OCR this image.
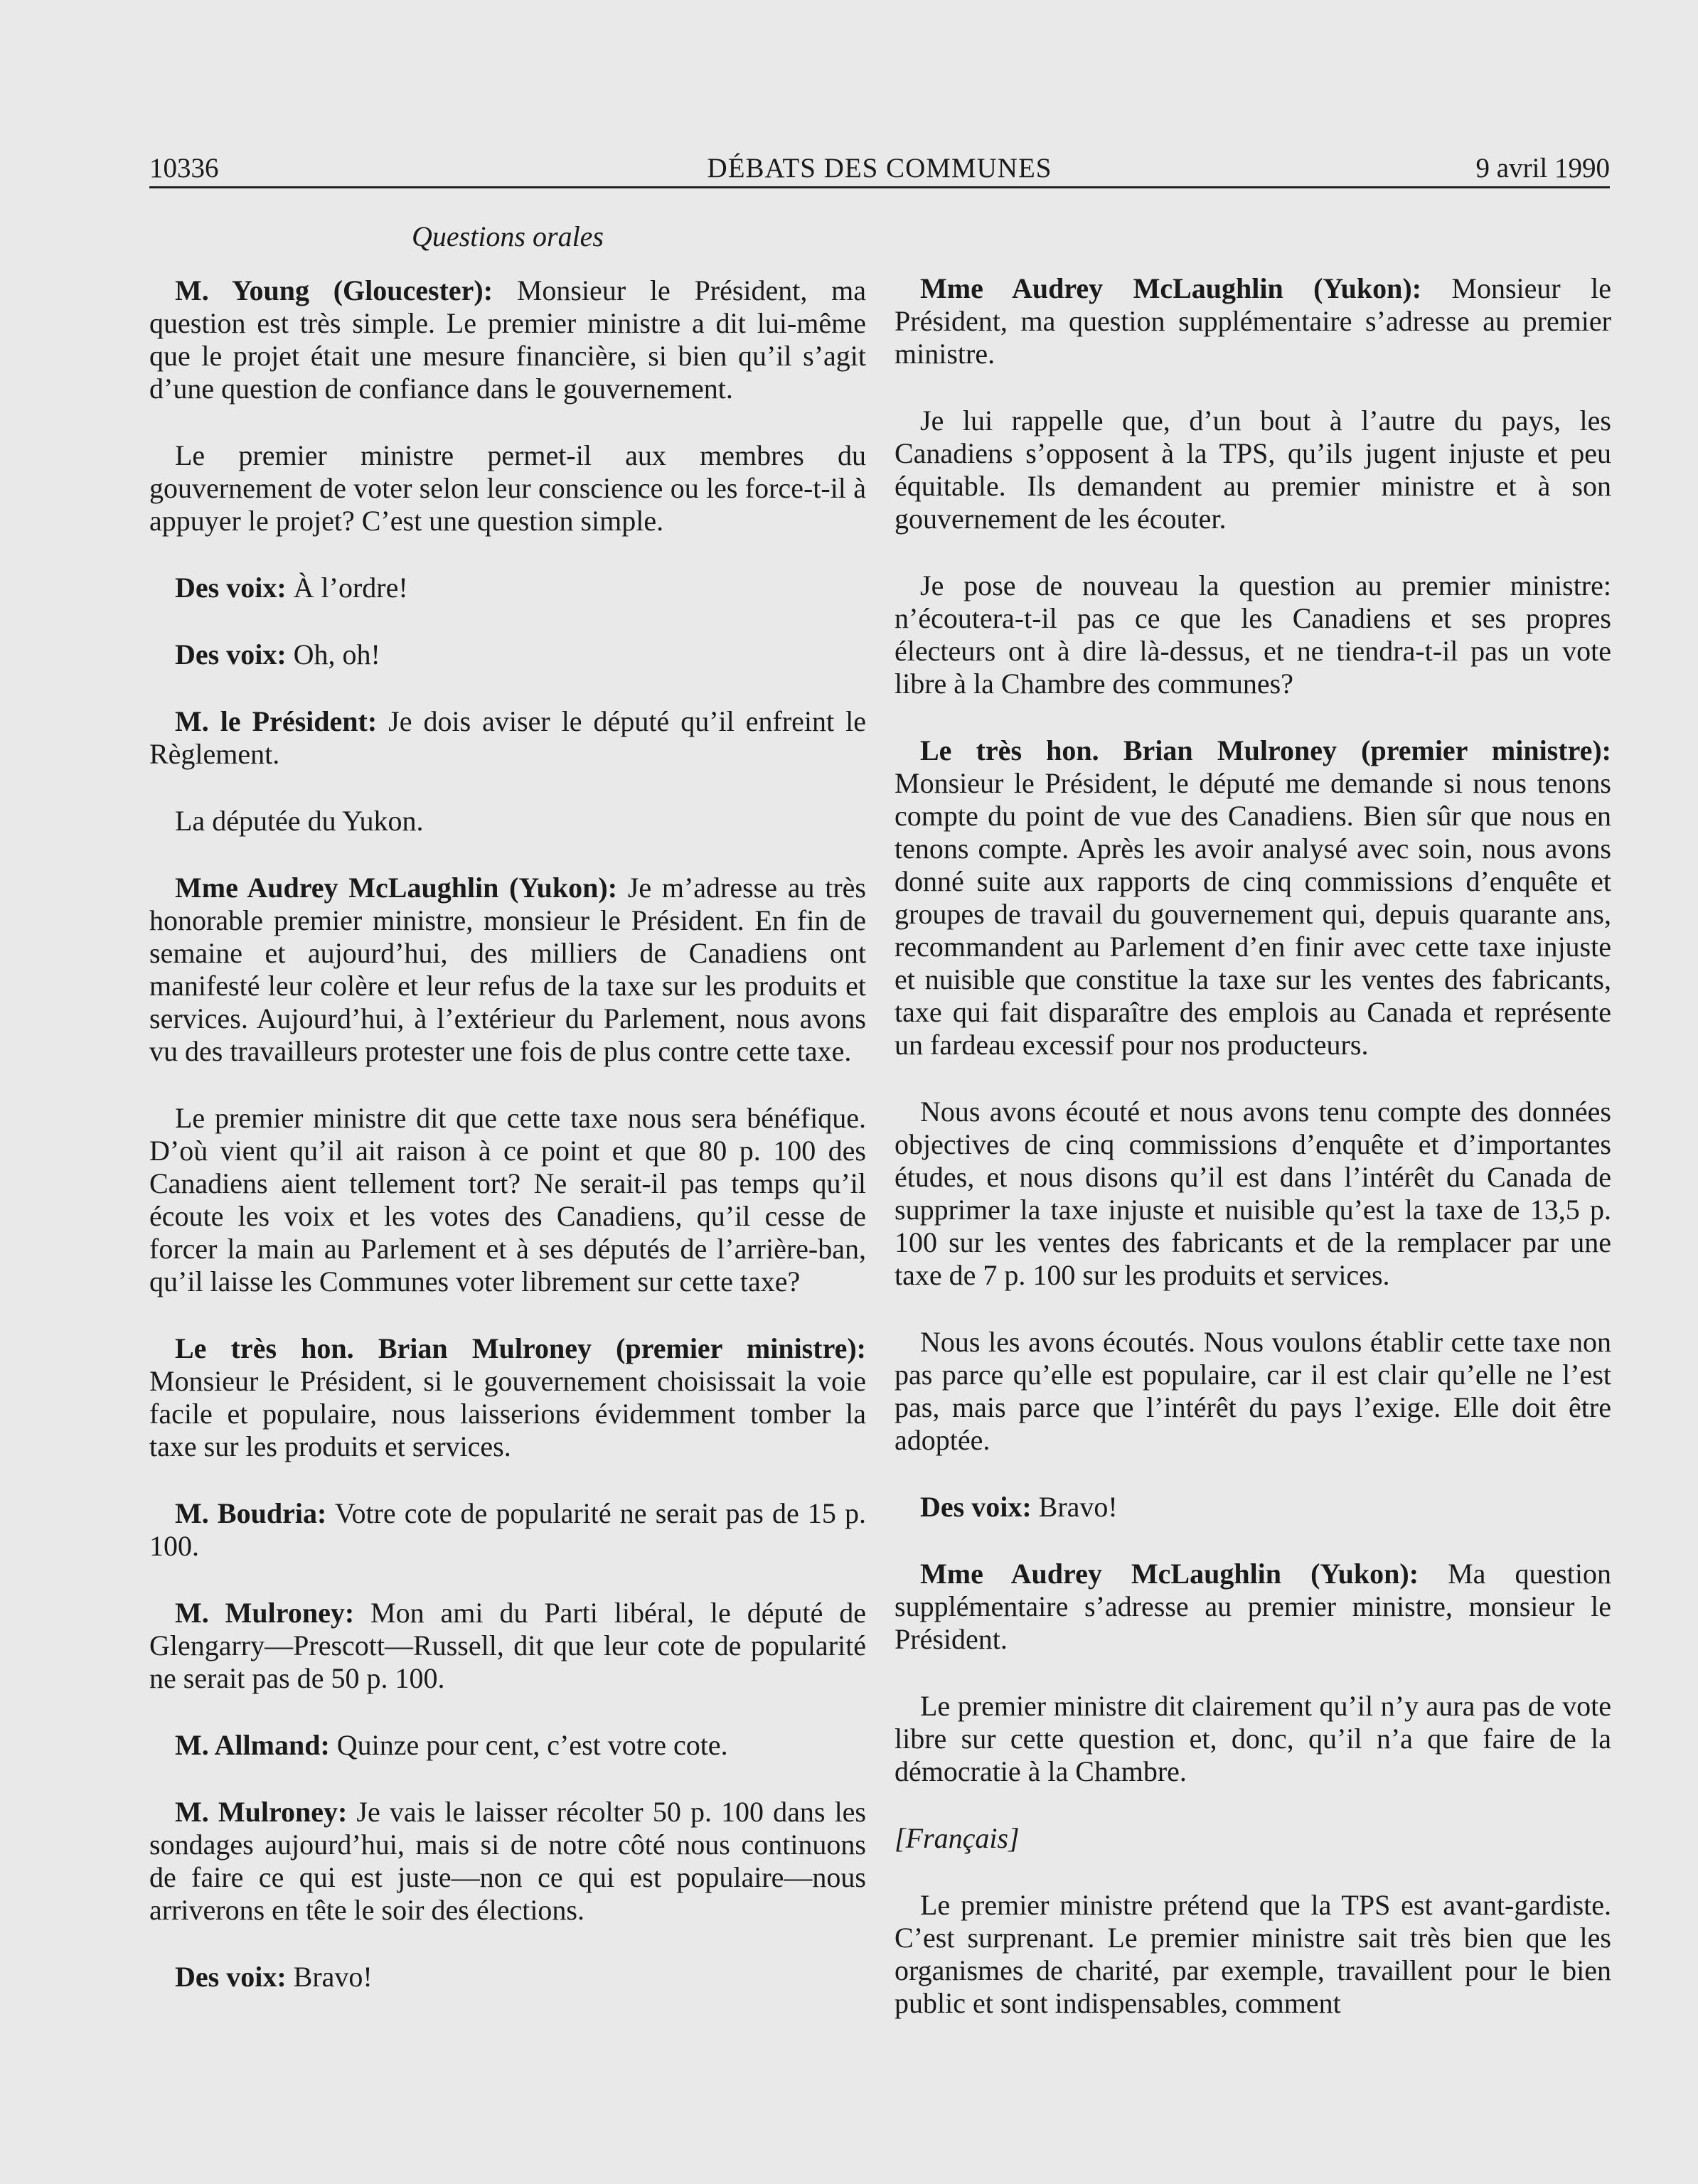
10336	DÉBATS DES COMMUNES	9 avril 1990
Questions orales

M. Young (Gloucester): Monsieur le Président, ma question est très simple. Le premier ministre a dit lui-même que le projet était une mesure financière, si bien qu’il s’agit d’une question de confiance dans le gouvernement.

Le premier ministre permet-il aux membres du gouvernement de voter selon leur conscience ou les force-t-il à appuyer le projet? C’est une question simple.

Des voix: À l’ordre!

Des voix: Oh, oh!

M. le Président: Je dois aviser le député qu’il enfreint le Règlement.

La députée du Yukon.

Mme Audrey McLaughlin (Yukon): Je m’adresse au très honorable premier ministre, monsieur le Président. En fin de semaine et aujourd’hui, des milliers de Canadiens ont manifesté leur colère et leur refus de la taxe sur les produits et services. Aujourd’hui, à l’extérieur du Parlement, nous avons vu des travailleurs protester une fois de plus contre cette taxe.

Le premier ministre dit que cette taxe nous sera bénéfique. D’où vient qu’il ait raison à ce point et que 80 p. 100 des Canadiens aient tellement tort? Ne serait-il pas temps qu’il écoute les voix et les votes des Canadiens, qu’il cesse de forcer la main au Parlement et à ses députés de l’arrière-ban, qu’il laisse les Communes voter librement sur cette taxe?

Le très hon. Brian Mulroney (premier ministre): Monsieur le Président, si le gouvernement choisissait la voie facile et populaire, nous laisserions évidemment tomber la taxe sur les produits et services.

M. Boudria: Votre cote de popularité ne serait pas de 15 p. 100.

M. Mulroney: Mon ami du Parti libéral, le député de Glengarry—Prescott—Russell, dit que leur cote de popularité ne serait pas de 50 p. 100.

M. Allmand: Quinze pour cent, c’est votre cote.

M. Mulroney: Je vais le laisser récolter 50 p. 100 dans les sondages aujourd’hui, mais si de notre côté nous continuons de faire ce qui est juste—non ce qui est populaire—nous arriverons en tête le soir des élections.

Des voix: Bravo!

Mme Audrey McLaughlin (Yukon): Monsieur le Président, ma question supplémentaire s’adresse au premier ministre.

Je lui rappelle que, d’un bout à l’autre du pays, les Canadiens s’opposent à la TPS, qu’ils jugent injuste et peu équitable. Ils demandent au premier ministre et à son gouvernement de les écouter.

Je pose de nouveau la question au premier ministre: n’écoutera-t-il pas ce que les Canadiens et ses propres électeurs ont à dire là-dessus, et ne tiendra-t-il pas un vote libre à la Chambre des communes?

Le très hon. Brian Mulroney (premier ministre): Monsieur le Président, le député me demande si nous tenons compte du point de vue des Canadiens. Bien sûr que nous en tenons compte. Après les avoir analysé avec soin, nous avons donné suite aux rapports de cinq commissions d’enquête et groupes de travail du gouvernement qui, depuis quarante ans, recommandent au Parlement d’en finir avec cette taxe injuste et nuisible que constitue la taxe sur les ventes des fabricants, taxe qui fait disparaître des emplois au Canada et représente un fardeau excessif pour nos producteurs.

Nous avons écouté et nous avons tenu compte des données objectives de cinq commissions d’enquête et d’importantes études, et nous disons qu’il est dans l’intérêt du Canada de supprimer la taxe injuste et nuisible qu’est la taxe de 13,5 p. 100 sur les ventes des fabricants et de la remplacer par une taxe de 7 p. 100 sur les produits et services.

Nous les avons écoutés. Nous voulons établir cette taxe non pas parce qu’elle est populaire, car il est clair qu’elle ne l’est pas, mais parce que l’intérêt du pays l’exige. Elle doit être adoptée.

Des voix: Bravo!

Mme Audrey McLaughlin (Yukon): Ma question supplémentaire s’adresse au premier ministre, monsieur le Président.

Le premier ministre dit clairement qu’il n’y aura pas de vote libre sur cette question et, donc, qu’il n’a que faire de la démocratie à la Chambre.

[Français]

Le premier ministre prétend que la TPS est avant-gardiste. C’est surprenant. Le premier ministre sait très bien que les organismes de charité, par exemple, travaillent pour le bien public et sont indispensables, comment
